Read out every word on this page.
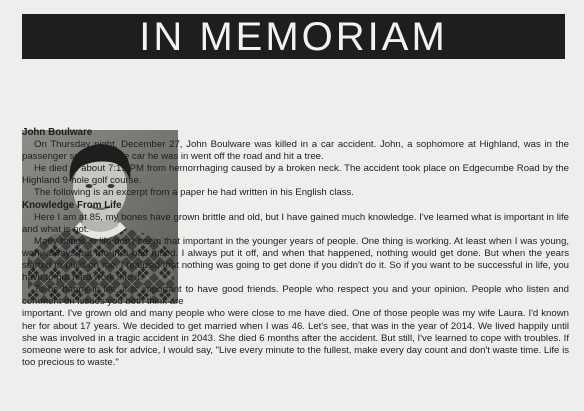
IN MEMORIAM

John Boulware

On Thursday night, December 27, John Boulware was killed in a car accident. John, a sophomore at Highland, was in the passenger seat when the car he was in went off the road and hit a tree.

He died at about 7:15 PM from hemorrhaging caused by a broken neck. The accident took place on Edgecumbe Road by the Highland 9-hole golf course.

The following is an excerpt from a paper he had written in his English class.

Knowledge From Life

Here I am at 85, my bones have grown brittle and old, but I have gained much knowledge. I've learned what is important in life and what is not.

Many things in life don't seem that important in the younger years of people. One thing is working. At least when I was young, work always put me in a bad mood. I always put it off, and when that happened, nothing would get done. But when the years started to build on me, I realized that nothing was going to get done if you didn't do it. So if you want to be successful in life, you have to put hard work into it.

To be happy in life, it is important to have good friends. People who respect you and your opinion. People who listen and comment on issues you both think are

important. I've grown old and many people who were close to me have died. One of those people was my wife Laura. I'd known her for about 17 years. We decided to get married when I was 46. Let's see, that was in the year of 2014. We lived happily until she was involved in a tragic accident in 2043. She died 6 months after the accident. But still, I've learned to cope with troubles. If someone were to ask for advice, I would say, "Live every minute to the fullest, make every day count and don't waste time. Life is too precious to waste."
